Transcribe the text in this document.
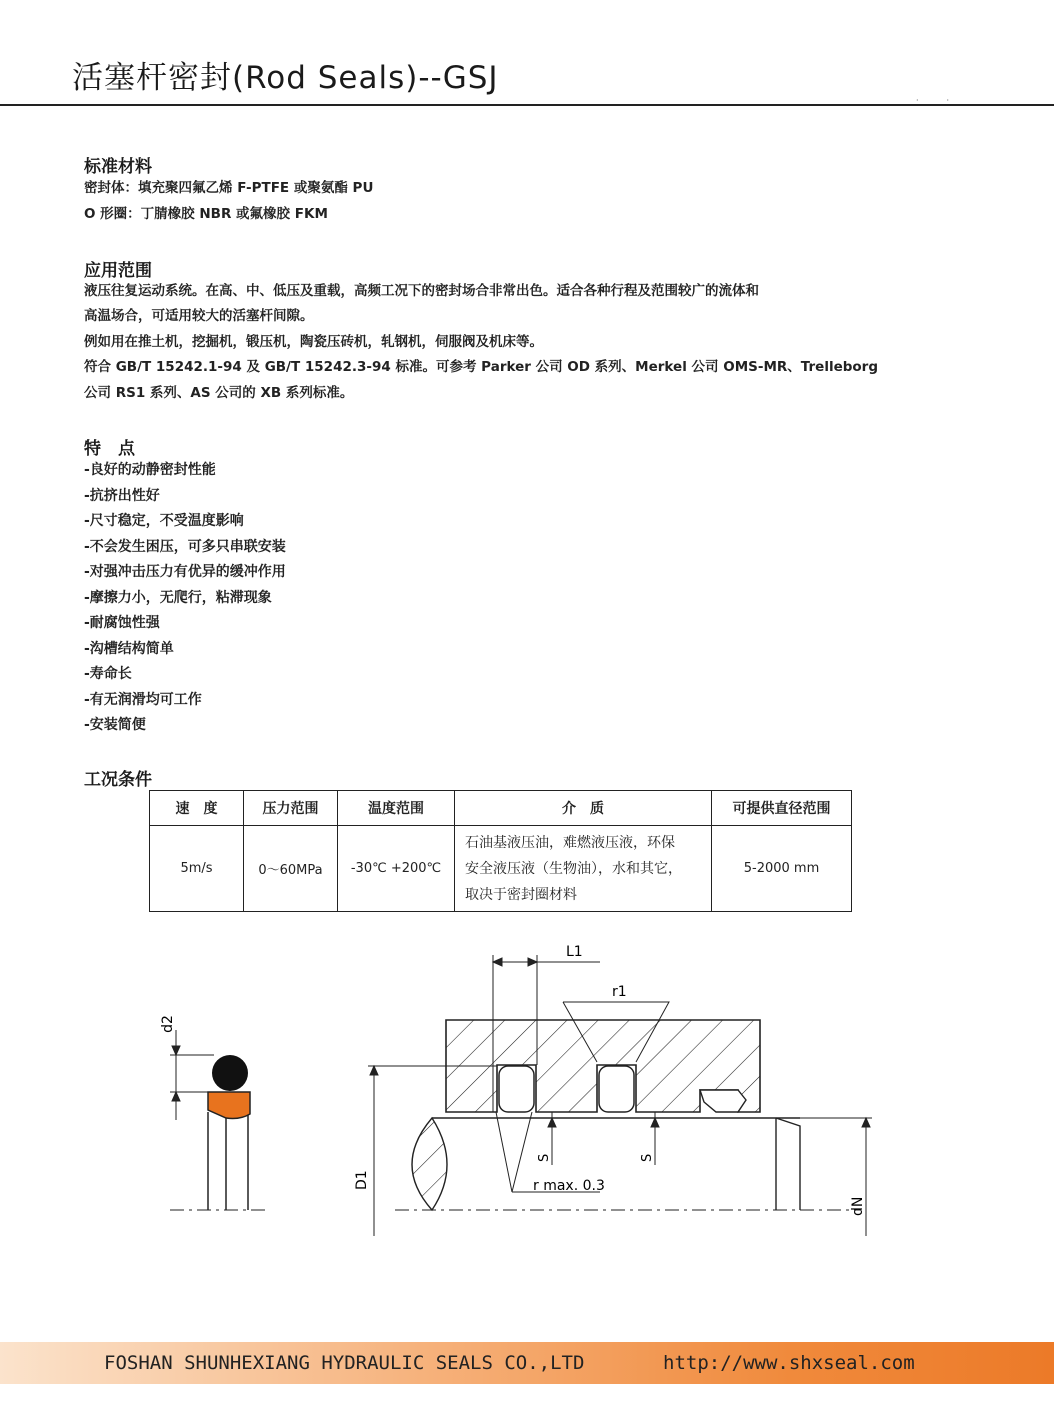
活塞杆密封(Rod Seals)--GSJ
··
标准材料
密封体：填充聚四氟乙烯 F-PTFE 或聚氨酯 PU
O 形圈：丁腈橡胶 NBR 或氟橡胶 FKM
应用范围
液压往复运动系统。在高、中、低压及重载，高频工况下的密封场合非常出色。适合各种行程及范围较广的流体和
高温场合，可适用较大的活塞杆间隙。
例如用在推土机，挖掘机，锻压机，陶瓷压砖机，轧钢机，伺服阀及机床等。
符合 GB/T 15242.1-94 及 GB/T 15242.3-94 标准。可参考 Parker 公司 OD 系列、Merkel 公司 OMS-MR、Trelleborg
公司 RS1 系列、AS 公司的 XB 系列标准。
特　点
-良好的动静密封性能
-抗挤出性好
-尺寸稳定，不受温度影响
-不会发生困压，可多只串联安装
-对强冲击压力有优异的缓冲作用
-摩擦力小，无爬行，粘滞现象
-耐腐蚀性强
-沟槽结构简单
-寿命长
-有无润滑均可工作
-安装简便
工况条件
速　度	压力范围	温度范围	介　质	可提供直径范围
5m/s	0～60MPa	-30℃ +200℃	石油基液压油，难燃液压液，环保
安全液压液（生物油），水和其它，
取决于密封圈材料	5-2000 mm
d2
L1
r1
S	S
r max. 0.3
D1
dN
FOSHAN SHUNHEXIANG HYDRAULIC SEALS CO.,LTD	http://www.shxseal.com
